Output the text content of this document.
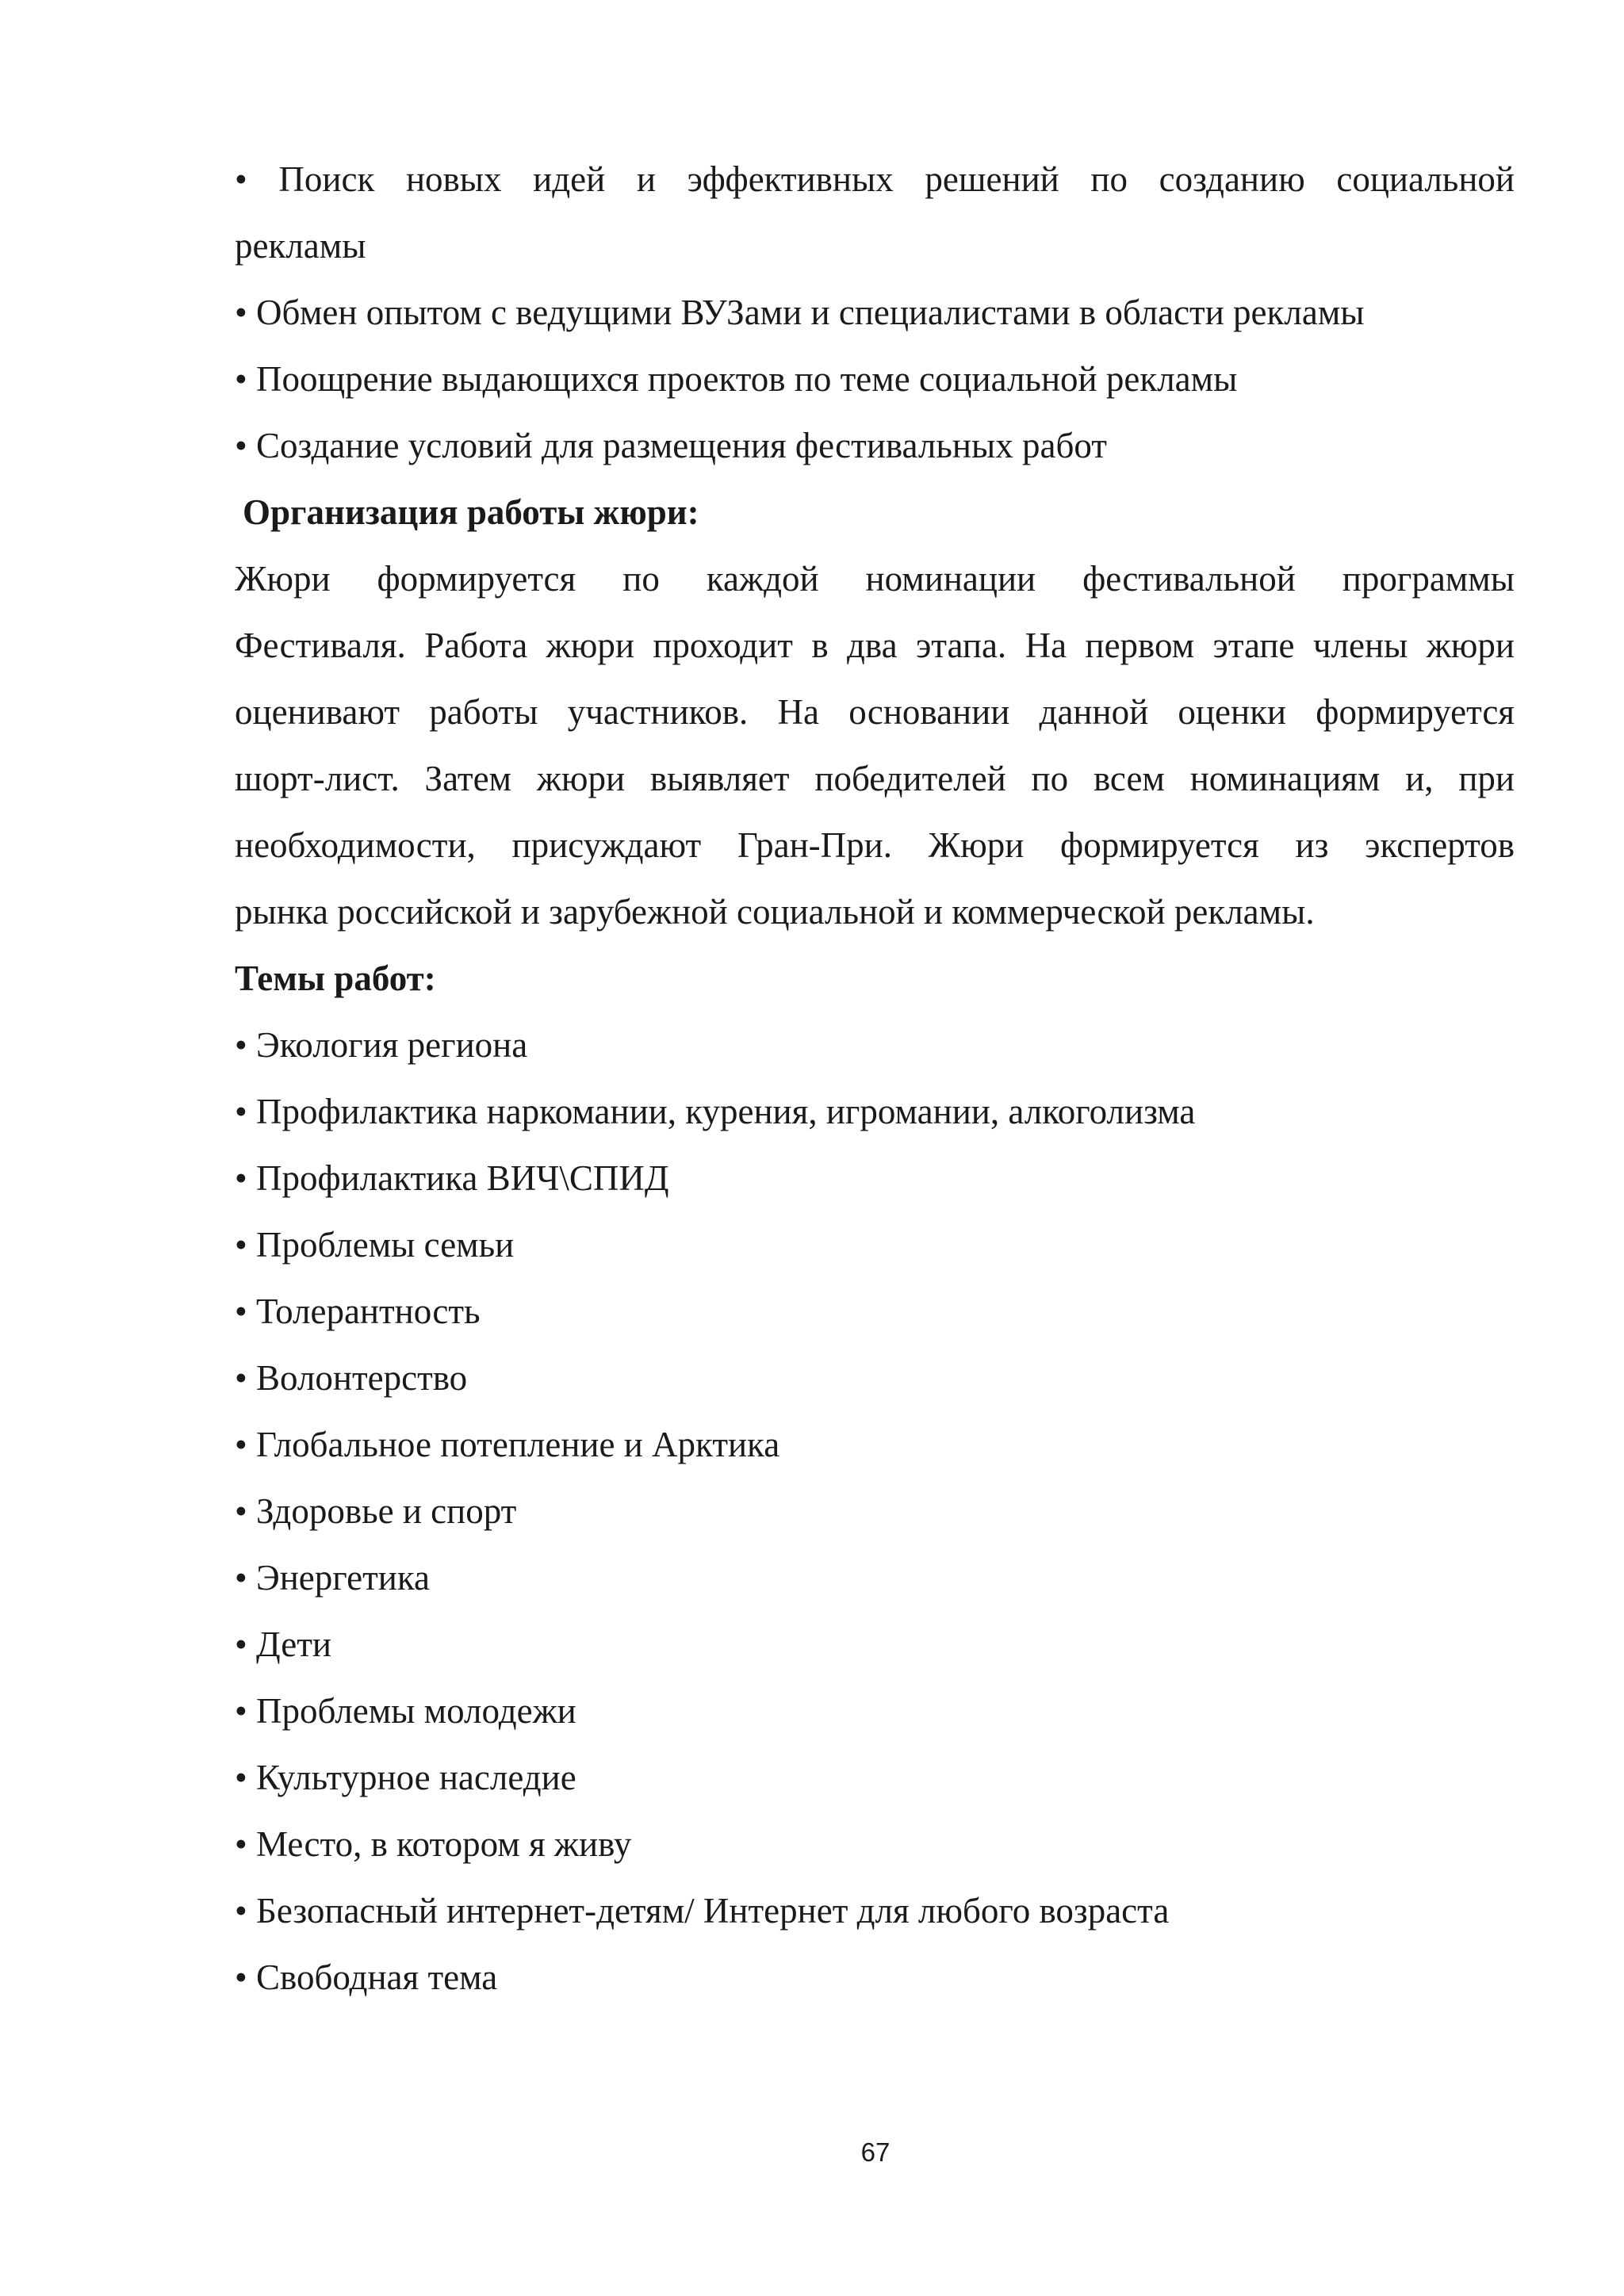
• Поиск новых идей и эффективных решений по созданию социальной
рекламы
• Обмен опытом с ведущими ВУЗами и специалистами в области рекламы
• Поощрение выдающихся проектов по теме социальной рекламы
• Создание условий для размещения фестивальных работ
Организация работы жюри:
Жюри формируется по каждой номинации фестивальной программы
Фестиваля. Работа жюри проходит в два этапа. На первом этапе члены жюри
оценивают работы участников. На основании данной оценки формируется
шорт-лист. Затем жюри выявляет победителей по всем номинациям и, при
необходимости, присуждают Гран-При. Жюри формируется из экспертов
рынка российской и зарубежной социальной и коммерческой рекламы.
Темы работ:
• Экология региона
• Профилактика наркомании, курения, игромании, алкоголизма
• Профилактика ВИЧ\СПИД
• Проблемы семьи
• Толерантность
• Волонтерство
• Глобальное потепление и Арктика
• Здоровье и спорт
• Энергетика
• Дети
• Проблемы молодежи
• Культурное наследие
• Место, в котором я живу
• Безопасный интернет-детям/ Интернет для любого возраста
• Свободная тема
67
